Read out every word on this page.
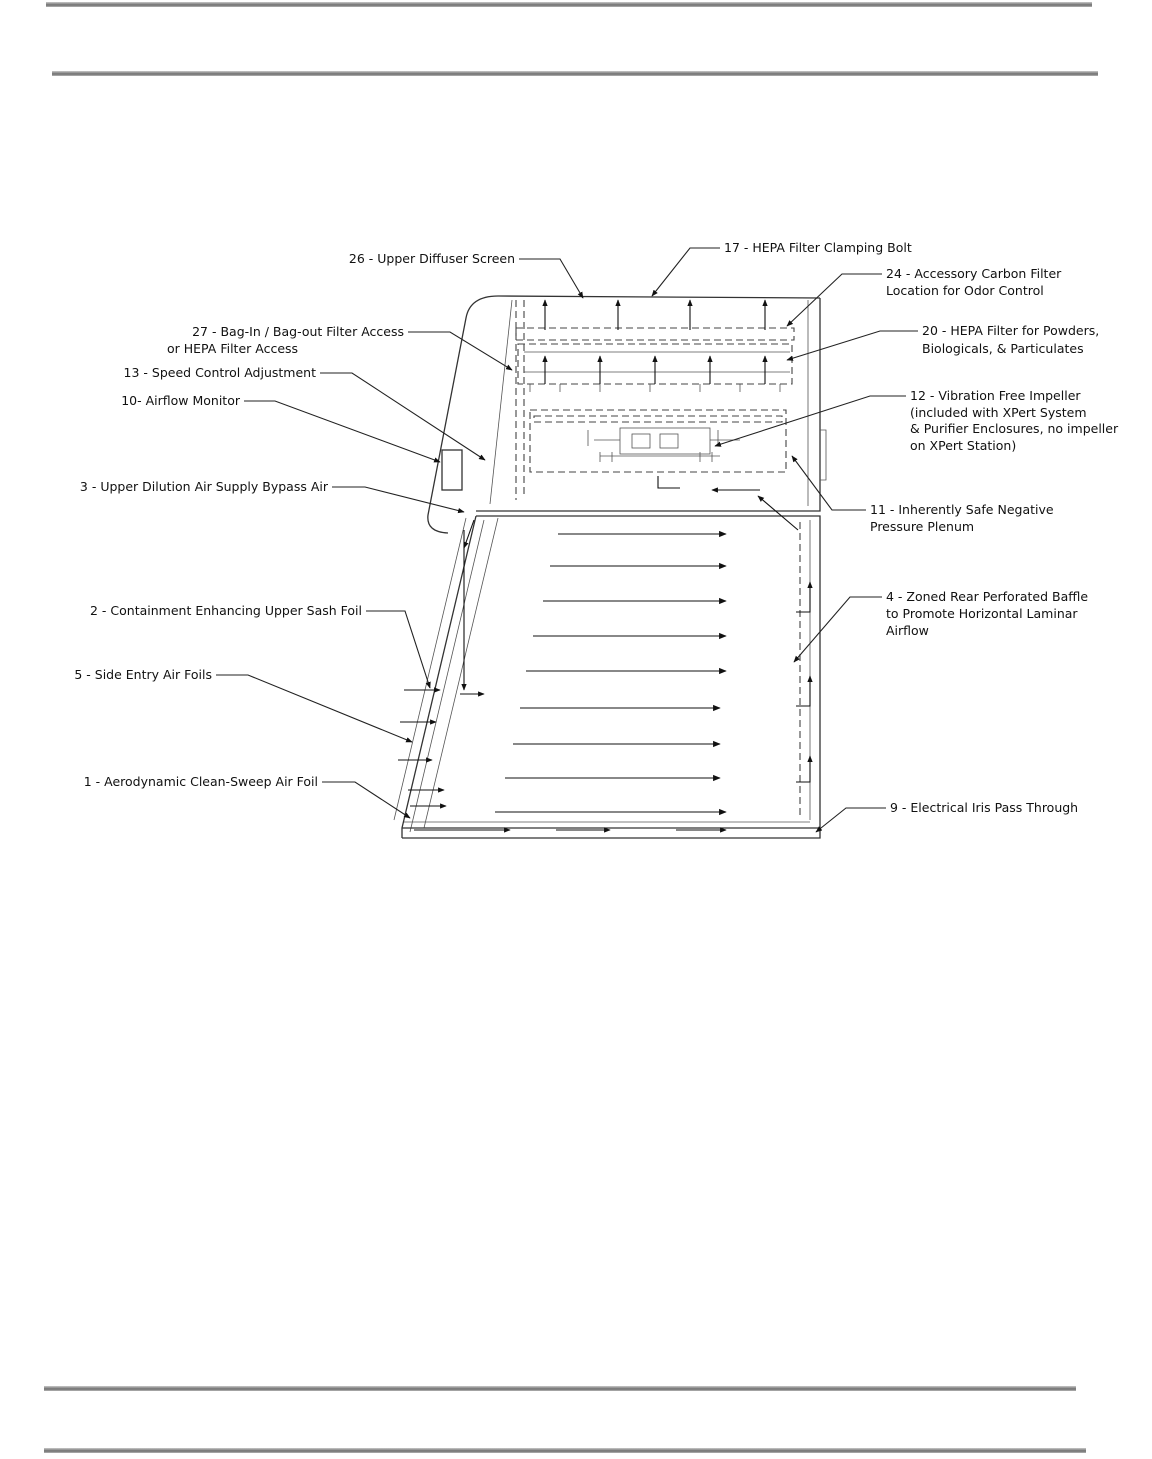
26 - Upper Diffuser Screen
17 - HEPA Filter Clamping Bolt
24 - Accessory Carbon Filter
Location for Odor Control
27 - Bag-In / Bag-out Filter Access
or HEPA Filter Access
20 - HEPA Filter for Powders,
Biologicals, & Particulates
13 - Speed Control Adjustment
10- Airflow Monitor	12 - Vibration Free Impeller
(included with XPert System
& Purifier Enclosures, no impeller
on XPert Station)
3 - Upper Dilution Air Supply Bypass Air
11 - Inherently Safe Negative
Pressure Plenum
2 - Containment Enhancing Upper Sash Foil
4 - Zoned Rear Perforated Baffle
to Promote Horizontal Laminar
Airflow
5 - Side Entry Air Foils
1 - Aerodynamic Clean-Sweep Air Foil
9 - Electrical Iris Pass Through
